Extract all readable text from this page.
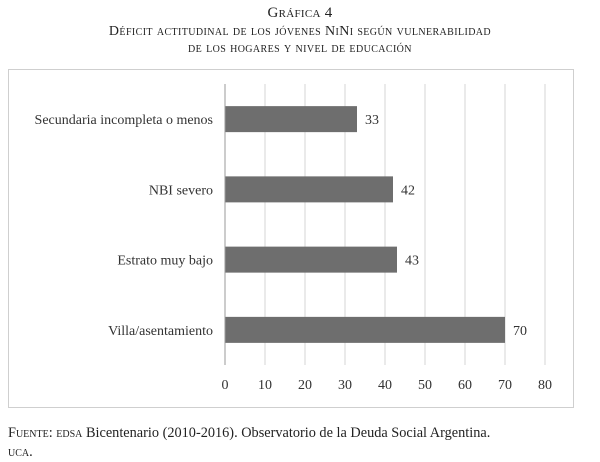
Gráfica 4
Déficit actitudinal de los jóvenes NiNi según vulnerabilidad
de los hogares y nivel de educación
Secundaria incompleta o menos	33
NBI severo	42
Estrato muy bajo	43
Villa/asentamiento	70
0 10 20 30 40 50 60 70 80
Fuente: edsa Bicentenario (2010-2016). Observatorio de la Deuda Social Argentina.
uca.
